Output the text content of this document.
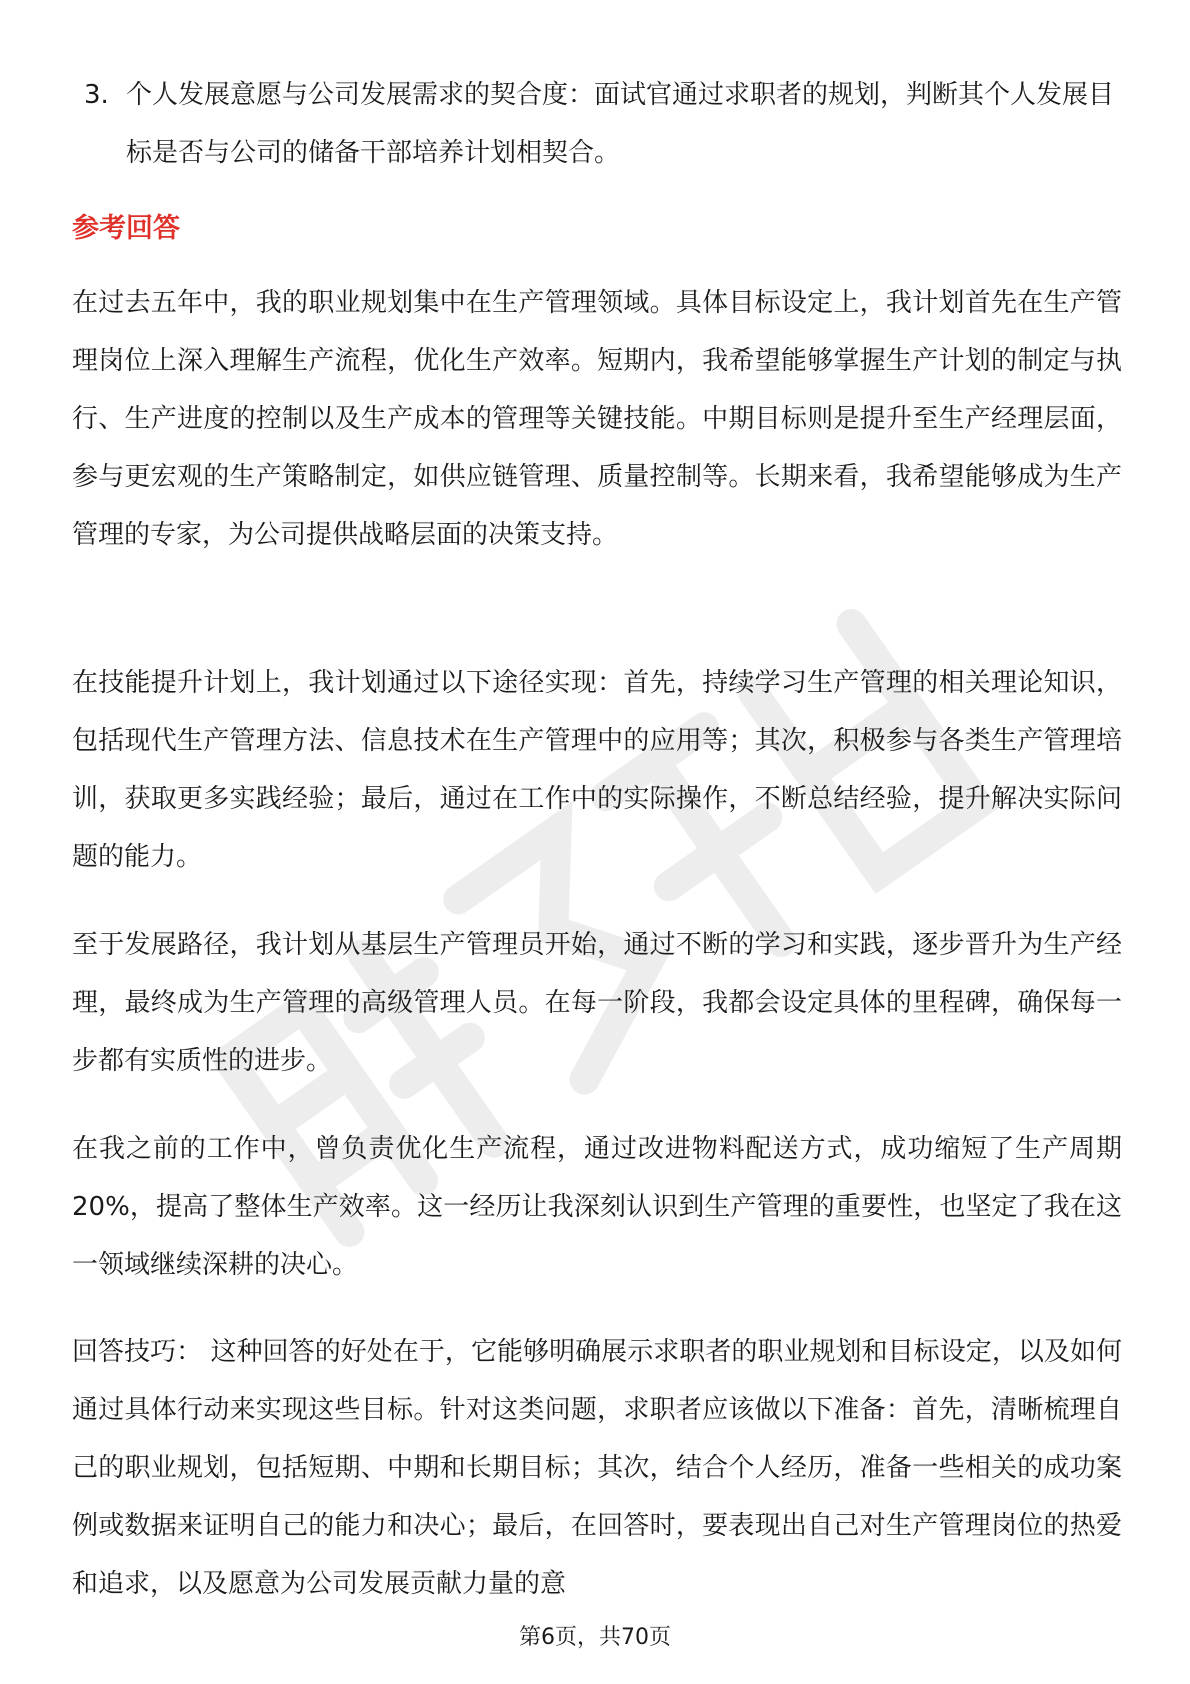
3. 个人发展意愿与公司发展需求的契合度：面试官通过求职者的规划，判断其个人发展目标是否与公司的储备干部培养计划相契合。
参考回答

在过去五年中，我的职业规划集中在生产管理领域。具体目标设定上，我计划首先在生产管理岗位上深入理解生产流程，优化生产效率。短期内，我希望能够掌握生产计划的制定与执行、生产进度的控制以及生产成本的管理等关键技能。中期目标则是提升至生产经理层面，参与更宏观的生产策略制定，如供应链管理、质量控制等。长期来看，我希望能够成为生产管理的专家，为公司提供战略层面的决策支持。

在技能提升计划上，我计划通过以下途径实现：首先，持续学习生产管理的相关理论知识，包括现代生产管理方法、信息技术在生产管理中的应用等；其次，积极参与各类生产管理培训，获取更多实践经验；最后，通过在工作中的实际操作，不断总结经验，提升解决实际问题的能力。

至于发展路径，我计划从基层生产管理员开始，通过不断的学习和实践，逐步晋升为生产经理，最终成为生产管理的高级管理人员。在每一阶段，我都会设定具体的里程碑，确保每一步都有实质性的进步。

在我之前的工作中，曾负责优化生产流程，通过改进物料配送方式，成功缩短了生产周期20%，提高了整体生产效率。这一经历让我深刻认识到生产管理的重要性，也坚定了我在这一领域继续深耕的决心。

回答技巧： 这种回答的好处在于，它能够明确展示求职者的职业规划和目标设定，以及如何通过具体行动来实现这些目标。针对这类问题，求职者应该做以下准备：首先，清晰梳理自己的职业规划，包括短期、中期和长期目标；其次，结合个人经历，准备一些相关的成功案例或数据来证明自己的能力和决心；最后，在回答时，要表现出自己对生产管理岗位的热爱和追求，以及愿意为公司发展贡献力量的意

第6页，共70页
